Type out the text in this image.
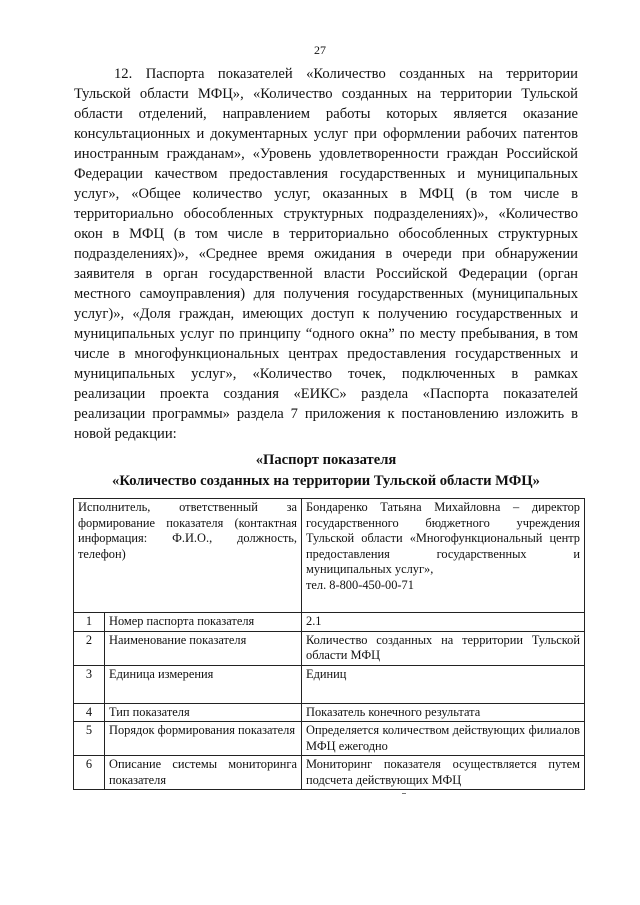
27

12. Паспорта показателей «Количество созданных на территории Тульской области МФЦ», «Количество созданных на территории Тульской области отделений, направлением работы которых является оказание консультационных и документарных услуг при оформлении рабочих патентов иностранным гражданам», «Уровень удовлетворенности граждан Российской Федерации качеством предоставления государственных и муниципальных услуг», «Общее количество услуг, оказанных в МФЦ (в том числе в территориально обособленных структурных подразделениях)», «Количество окон в МФЦ (в том числе в территориально обособленных структурных подразделениях)», «Среднее время ожидания в очереди при обнаружении заявителя в орган государственной власти Российской Федерации (орган местного самоуправления) для получения государственных (муниципальных услуг)», «Доля граждан, имеющих доступ к получению государственных и муниципальных услуг по принципу “одного окна” по месту пребывания, в том числе в многофункциональных центрах предоставления государственных и муниципальных услуг», «Количество точек, подключенных в рамках реализации проекта создания «ЕИКС» раздела «Паспорта показателей реализации программы» раздела 7 приложения к постановлению изложить в новой редакции:

«Паспорт показателя

«Количество созданных на территории Тульской области МФЦ»

Исполнитель, ответственный за формирование показателя (контактная информация: Ф.И.О., должность, телефон)		Бондаренко Татьяна Михайловна – директор государственного бюджетного учреждения Тульской области «Многофункциональный центр предоставления государственных и муниципальных услуг»,
тел. 8-800-450-00-71
1	Номер паспорта показателя	2.1
2	Наименование показателя	Количество созданных на территории Тульской области МФЦ
3	Единица измерения	Единиц
4	Тип показателя	Показатель конечного результата
5	Порядок формирования показателя	Определяется количеством действующих филиалов МФЦ ежегодно
6	Описание системы мониторинга показателя	Мониторинг показателя осуществляется путем подсчета действующих МФЦ
